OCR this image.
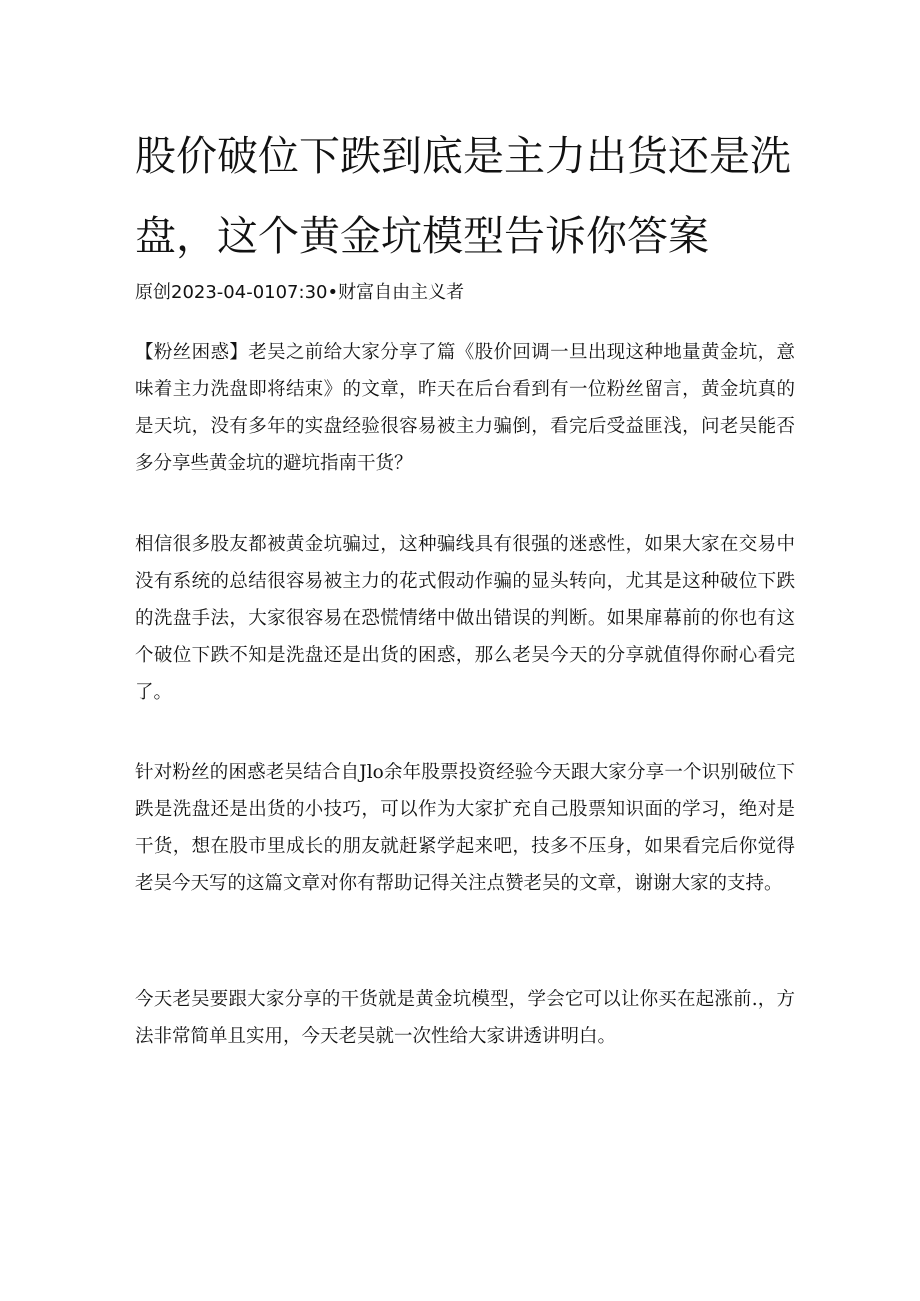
股价破位下跌到底是主力出货还是洗盘，这个黄金坑模型告诉你答案
原创2023-04-0107:30•财富自由主义者

【粉丝困惑】老吴之前给大家分享了篇《股价回调一旦出现这种地量黄金坑，意味着主力洗盘即将结束》的文章，昨天在后台看到有一位粉丝留言，黄金坑真的是天坑，没有多年的实盘经验很容易被主力骗倒，看完后受益匪浅，问老吴能否多分享些黄金坑的避坑指南干货？

相信很多股友都被黄金坑骗过，这种骗线具有很强的迷惑性，如果大家在交易中没有系统的总结很容易被主力的花式假动作骗的显头转向，尤其是这种破位下跌的洗盘手法，大家很容易在恐慌情绪中做出错误的判断。如果扉幕前的你也有这个破位下跌不知是洗盘还是出货的困惑，那么老吴今天的分享就值得你耐心看完了。

针对粉丝的困惑老吴结合自Jlo余年股票投资经验今天跟大家分享一个识别破位下跌是洗盘还是出货的小技巧，可以作为大家扩充自己股票知识面的学习，绝对是干货，想在股市里成长的朋友就赶紧学起来吧，技多不压身，如果看完后你觉得老吴今天写的这篇文章对你有帮助记得关注点赞老吴的文章，谢谢大家的支持。

今天老吴要跟大家分享的干货就是黄金坑模型，学会它可以让你买在起涨前.，方法非常简单且实用，今天老吴就一次性给大家讲透讲明白。
